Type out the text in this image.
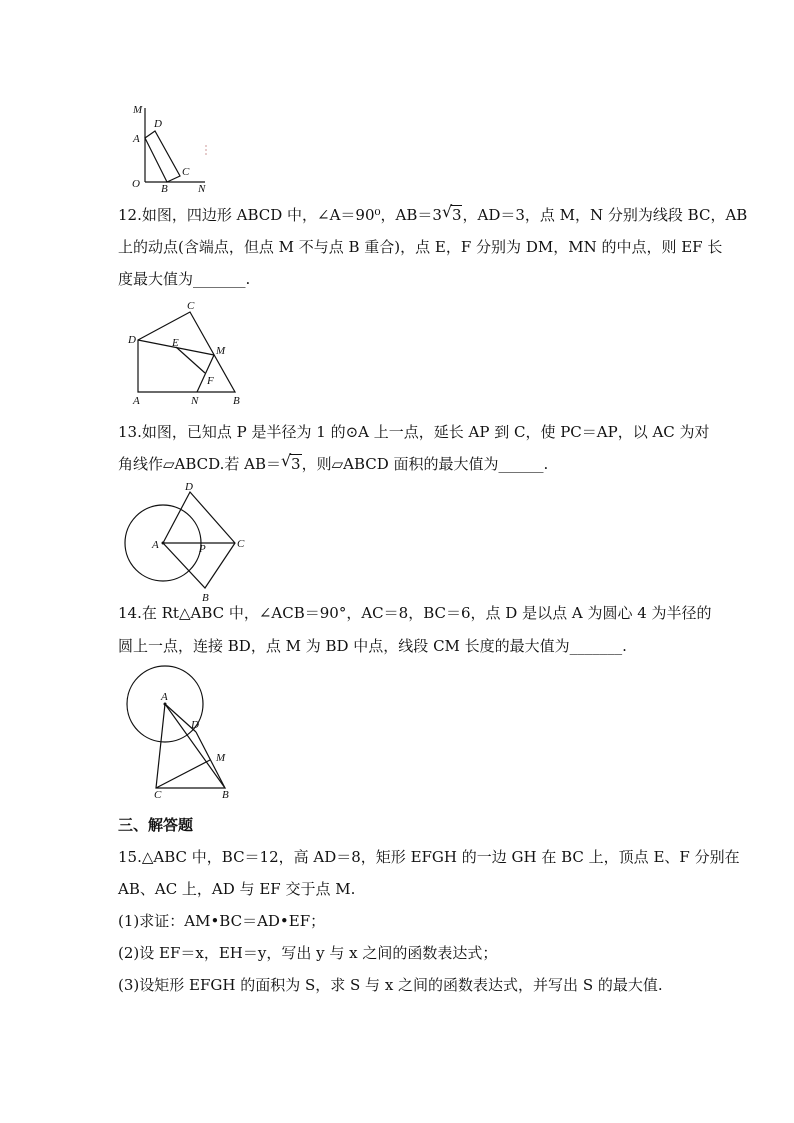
M
D
A
C
O B	N
12.如图，四边形 ABCD 中，∠A＝90⁰，AB＝3 √ 3，AD＝3，点 M，N 分别为线段 BC，AB
上的动点(含端点，但点 M 不与点 B 重合)，点 E，F 分别为 DM，MN 的中点，则 EF 长
度最大值为_______.
C
D	E
M
F
A	N	B
13.如图，已知点 P 是半径为 1 的⊙A 上一点，延长 AP 到 C，使 PC＝AP，以 AC 为对
角线作▱ABCD.若 AB＝ √ 3，则▱ABCD 面积的最大值为______.
D
A	P	C
B
14.在 Rt△ABC 中，∠ACB＝90°，AC＝8，BC＝6，点 D 是以点 A 为圆心 4 为半径的
圆上一点，连接 BD，点 M 为 BD 中点，线段 CM 长度的最大值为_______.
A
D
M
C	B
三、解答题
15.△ABC 中，BC＝12，高 AD＝8，矩形 EFGH 的一边 GH 在 BC 上，顶点 E、F 分别在
AB、AC 上，AD 与 EF 交于点 M.
(1)求证：AM•BC＝AD•EF；
(2)设 EF＝x，EH＝y，写出 y 与 x 之间的函数表达式；
(3)设矩形 EFGH 的面积为 S，求 S 与 x 之间的函数表达式，并写出 S 的最大值.
